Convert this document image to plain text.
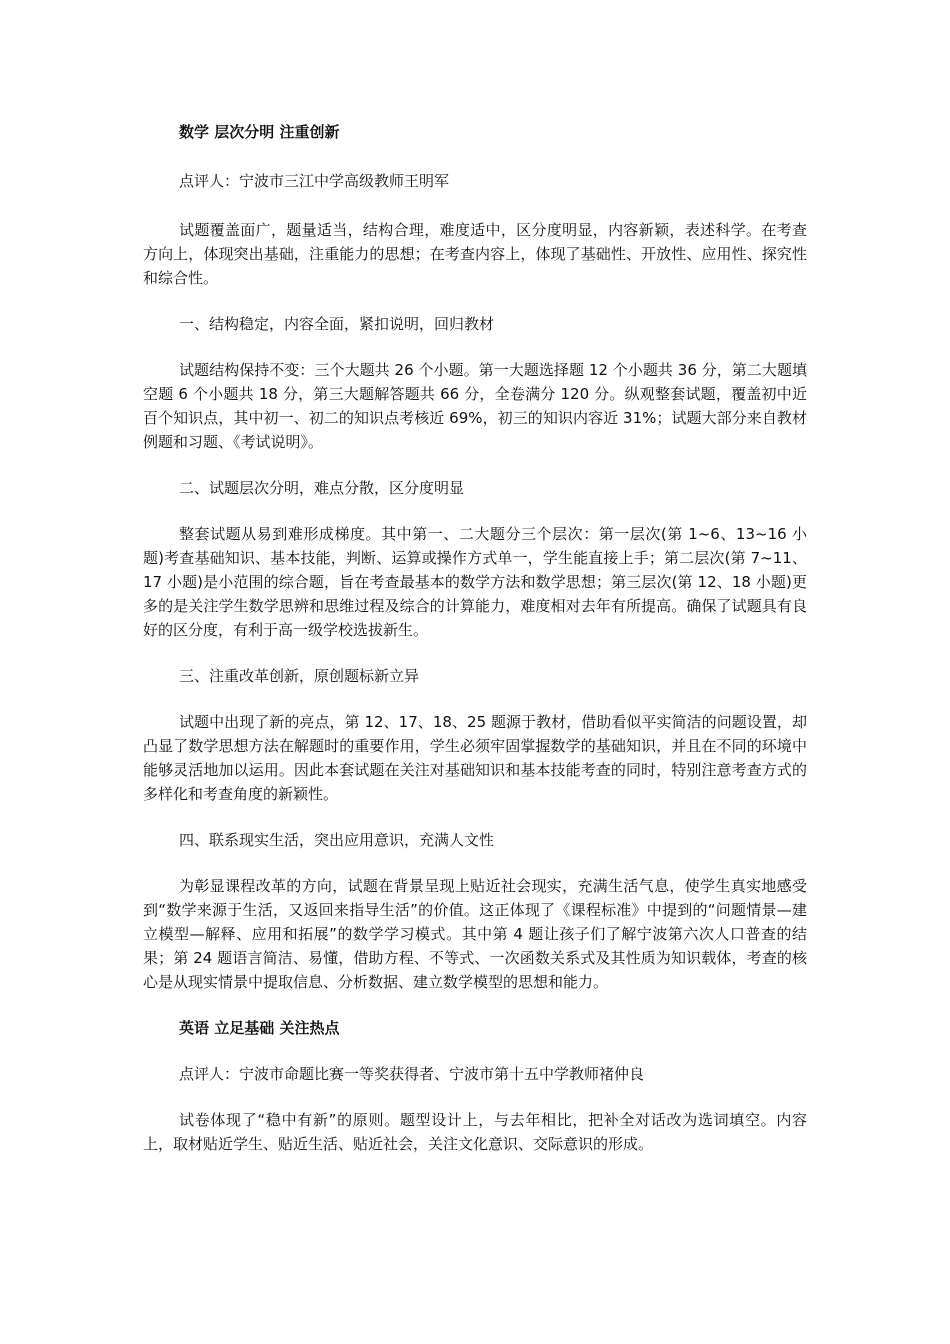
数学 层次分明 注重创新

点评人：宁波市三江中学高级教师王明军

试题覆盖面广，题量适当，结构合理，难度适中，区分度明显，内容新颖，表述科学。在考查方向上，体现突出基础，注重能力的思想；在考查内容上，体现了基础性、开放性、应用性、探究性和综合性。

一、结构稳定，内容全面，紧扣说明，回归教材

试题结构保持不变：三个大题共 26 个小题。第一大题选择题 12 个小题共 36 分，第二大题填空题 6 个小题共 18 分，第三大题解答题共 66 分，全卷满分 120 分。纵观整套试题，覆盖初中近百个知识点，其中初一、初二的知识点考核近 69%，初三的知识内容近 31%；试题大部分来自教材例题和习题、《考试说明》。

二、试题层次分明，难点分散，区分度明显

整套试题从易到难形成梯度。其中第一、二大题分三个层次：第一层次(第 1~6、13~16 小题)考查基础知识、基本技能，判断、运算或操作方式单一，学生能直接上手；第二层次(第 7~11、17 小题)是小范围的综合题，旨在考查最基本的数学方法和数学思想；第三层次(第 12、18 小题)更多的是关注学生数学思辨和思维过程及综合的计算能力，难度相对去年有所提高。确保了试题具有良好的区分度，有利于高一级学校选拔新生。

三、注重改革创新，原创题标新立异

试题中出现了新的亮点，第 12、17、18、25 题源于教材，借助看似平实简洁的问题设置，却凸显了数学思想方法在解题时的重要作用，学生必须牢固掌握数学的基础知识，并且在不同的环境中能够灵活地加以运用。因此本套试题在关注对基础知识和基本技能考查的同时，特别注意考查方式的多样化和考查角度的新颖性。

四、联系现实生活，突出应用意识，充满人文性

为彰显课程改革的方向，试题在背景呈现上贴近社会现实，充满生活气息，使学生真实地感受到“数学来源于生活，又返回来指导生活”的价值。这正体现了《课程标准》中提到的“问题情景—建立模型—解释、应用和拓展”的数学学习模式。其中第 4 题让孩子们了解宁波第六次人口普查的结果；第 24 题语言简洁、易懂，借助方程、不等式、一次函数关系式及其性质为知识载体，考查的核心是从现实情景中提取信息、分析数据、建立数学模型的思想和能力。

英语 立足基础 关注热点

点评人：宁波市命题比赛一等奖获得者、宁波市第十五中学教师褚仲良

试卷体现了“稳中有新”的原则。题型设计上，与去年相比，把补全对话改为选词填空。内容上，取材贴近学生、贴近生活、贴近社会，关注文化意识、交际意识的形成。
